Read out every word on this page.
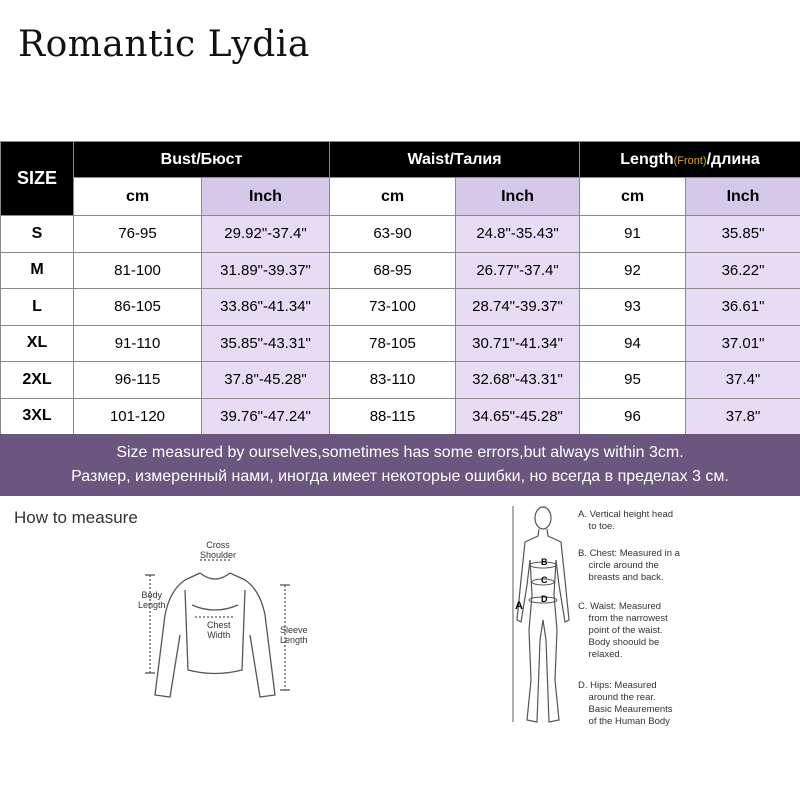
Romantic Lydia
SIZE	Bust/Бюст		Waist/Талия		Length(Front)/длина	
	cm	Inch	cm	Inch	cm	Inch
S	76-95	29.92"-37.4"	63-90	24.8"-35.43"	91	35.85"
M	81-100	31.89"-39.37"	68-95	26.77"-37.4"	92	36.22"
L	86-105	33.86"-41.34"	73-100	28.74"-39.37"	93	36.61"
XL	91-110	35.85"-43.31"	78-105	30.71"-41.34"	94	37.01"
2XL	96-115	37.8"-45.28"	83-110	32.68"-43.31"	95	37.4"
3XL	101-120	39.76"-47.24"	88-115	34.65"-45.28"	96	37.8"
Size measured by ourselves,sometimes has some errors,but always within 3cm.
Размер, измеренный нами, иногда имеет некоторые ошибки, но всегда в пределах 3 см.
How to measure
Cross
Shoulder
Body
Length
Chest
Width	Sleeve
Length
A
B
C
D
A. Vertical height head
to toe.
B. Chest: Measured in a
circle around the
breasts and back.
C. Waist: Measured
from the narrowest
point of the waist.
Body shoould be
relaxed.
D. Hips: Measured
around the rear.
Basic Meaurements
of the Human Body
